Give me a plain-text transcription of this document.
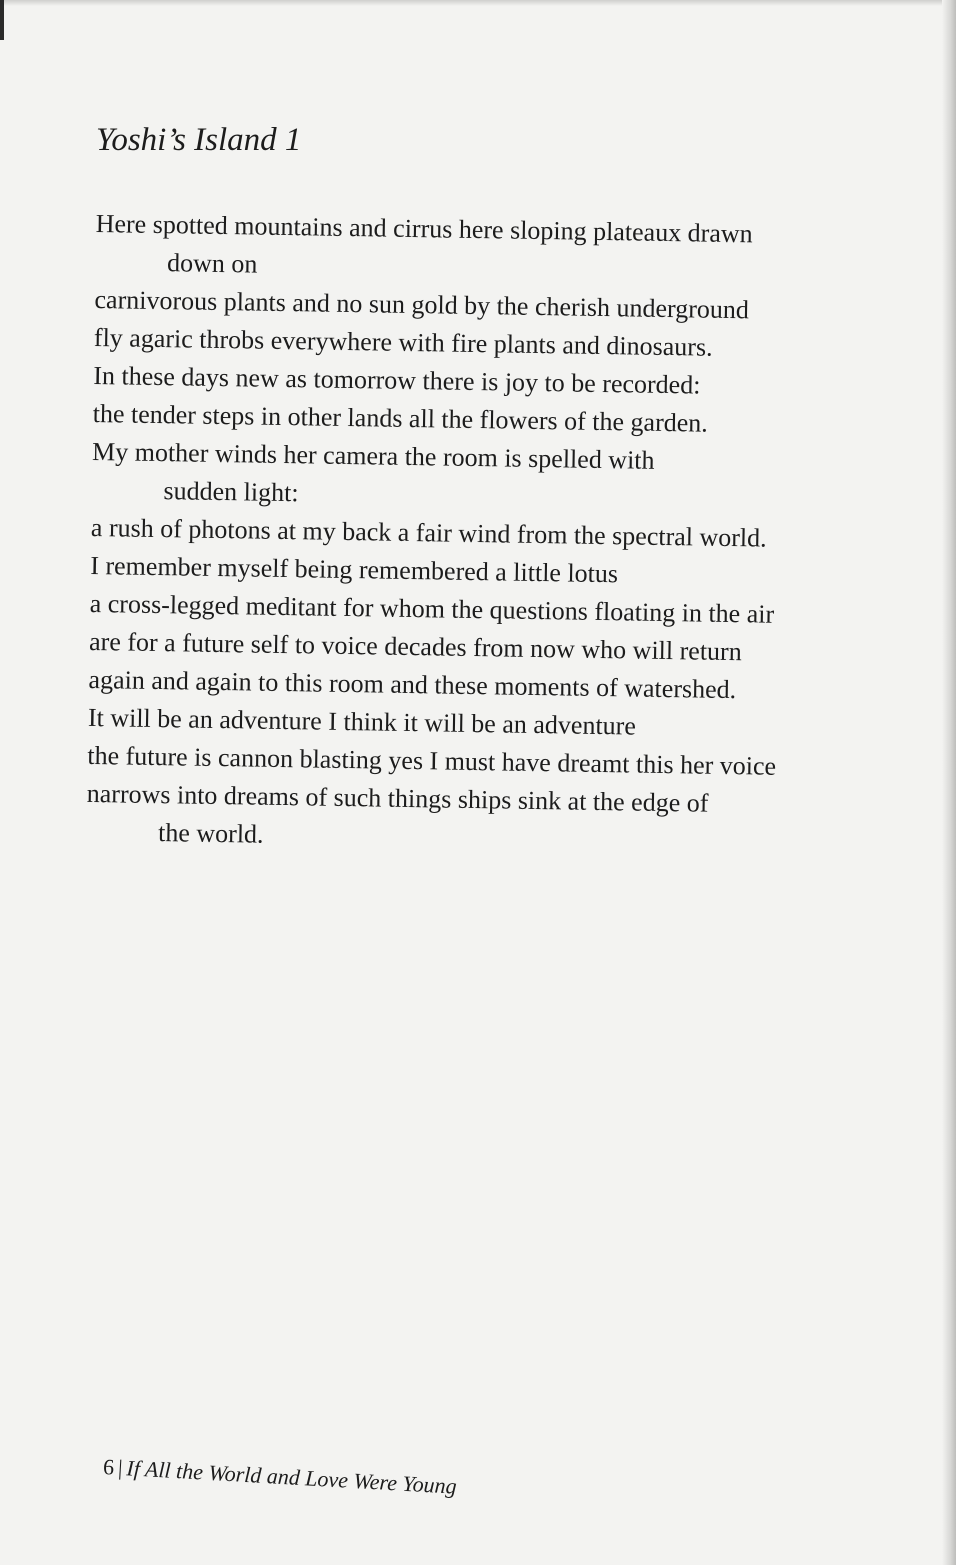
Yoshi’s Island 1

Here spotted mountains and cirrus here sloping plateaux drawn

down on

carnivorous plants and no sun gold by the cherish underground

fly agaric throbs everywhere with fire plants and dinosaurs.

In these days new as tomorrow there is joy to be recorded:

the tender steps in other lands all the flowers of the garden.

My mother winds her camera the room is spelled with

sudden light:

a rush of photons at my back a fair wind from the spectral world.

I remember myself being remembered a little lotus

a cross-legged meditant for whom the questions floating in the air

are for a future self to voice decades from now who will return

again and again to this room and these moments of watershed.

It will be an adventure I think it will be an adventure

the future is cannon blasting yes I must have dreamt this her voice

narrows into dreams of such things ships sink at the edge of

the world.

6 | If All the World and Love Were Young
